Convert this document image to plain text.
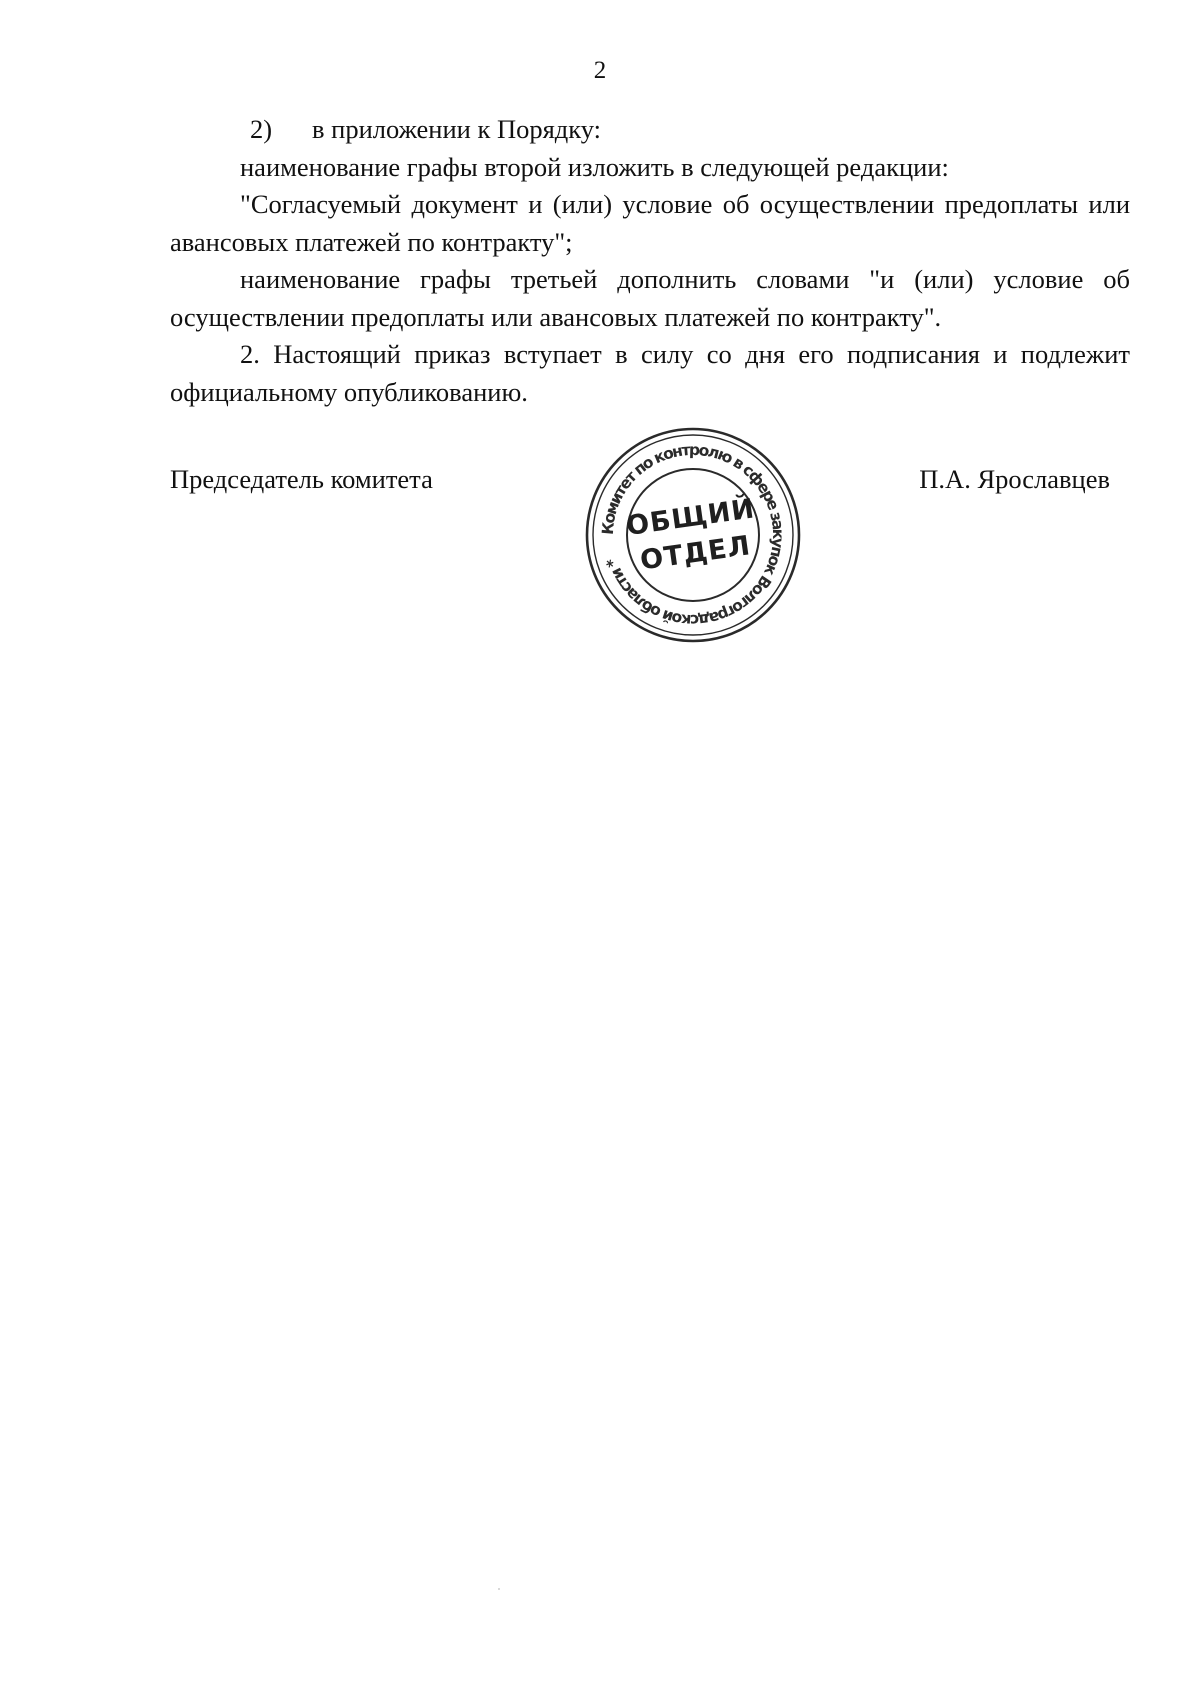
2

2) в приложении к Порядку:

наименование графы второй изложить в следующей редакции:

"Согласуемый документ и (или) условие об осуществлении предоплаты или авансовых платежей по контракту";

наименование графы третьей дополнить словами "и (или) условие об осуществлении предоплаты или авансовых платежей по контракту".

2. Настоящий приказ вступает в силу со дня его подписания и подлежит официальному опубликованию.

Председатель комитета	П.А. Ярославцев
Комитет по контролю в сфере закупок Волгоградской области *
ОБЩИЙ
ОТДЕЛ
